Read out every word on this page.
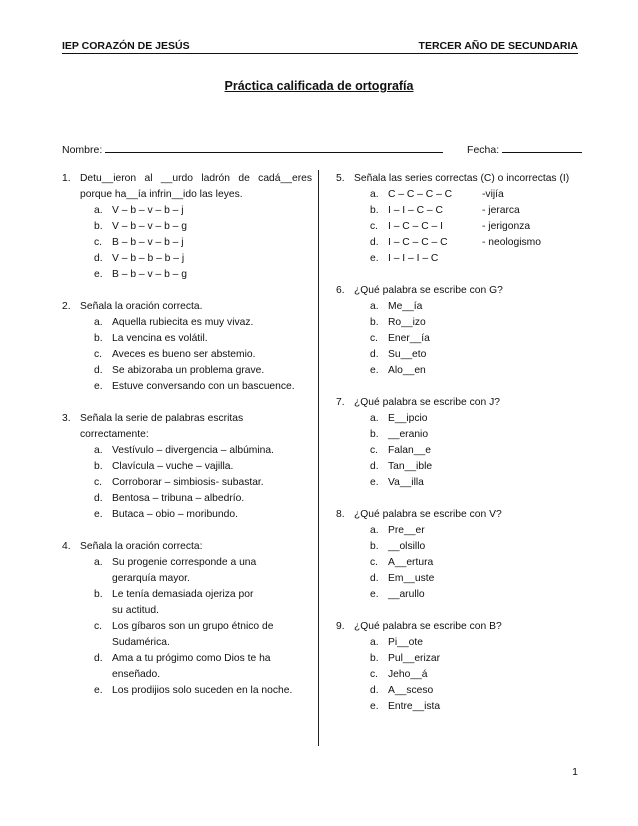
IEP CORAZÓN DE JESÚS	TERCER AÑO DE SECUNDARIA
Práctica calificada de ortografía
Nombre:	Fecha:
1. Detu__ieron al __urdo ladrón de cadá__eres porque ha__ía infrin__ido las leyes.
a. V – b – v – b – j
b. V – b – v – b – g
c. B – b – v – b – j
d. V – b – b – b – j
e. B – b – v – b – g
2. Señala la oración correcta.
a. Aquella rubiecita es muy vivaz.
b. La vencina es volátil.
c. Aveces es bueno ser abstemio.
d. Se abizoraba un problema grave.
e. Estuve conversando con un bascuence.
3. Señala la serie de palabras escritas correctamente:
a. Vestívulo – divergencia – albúmina.
b. Clavícula – vuche – vajilla.
c. Corroborar – simbiosis- subastar.
d. Bentosa – tribuna – albedrío.
e. Butaca – obio – moribundo.
4. Señala la oración correcta:
a. Su progenie corresponde a una gerarquía mayor.
b. Le tenía demasiada ojeriza por su actitud.
c. Los gíbaros son un grupo étnico de Sudamérica.
d. Ama a tu prógimo como Dios te ha enseñado.
e. Los prodijios solo suceden en la noche.
5. Señala las series correctas (C) o incorrectas (I)
a. C – C – C – C	-vijía
b. I – I – C – C	- jerarca
c. I – C – C – I	- jerigonza
d. I – C – C – C	- neologismo
e. I – I – I – C
6. ¿Qué palabra se escribe con G?
a. Me__ía
b. Ro__izo
c. Ener__ía
d. Su__eto
e. Alo__en
7. ¿Qué palabra se escribe con J?
a. E__ipcio
b. __eranio
c. Falan__e
d. Tan__ible
e. Va__illa
8. ¿Qué palabra se escribe con V?
a. Pre__er
b. __olsillo
c. A__ertura
d. Em__uste
e. __arullo
9. ¿Qué palabra se escribe con B?
a. Pi__ote
b. Pul__erizar
c. Jeho__á
d. A__sceso
e. Entre__ista
1
